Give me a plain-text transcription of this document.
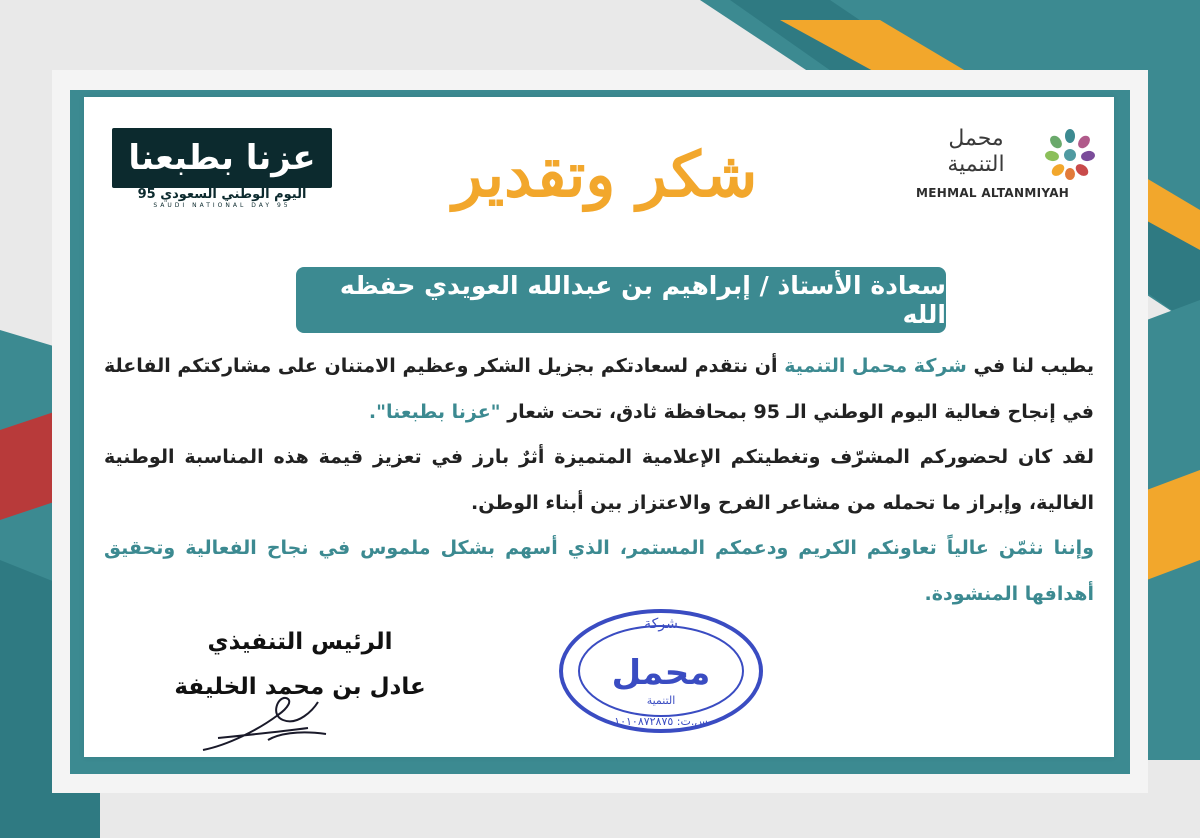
عزنا بطبعنا
اليوم الوطني السعودي 95
SAUDI NATIONAL DAY 95	شكر وتقدير	محمل
التنمية
MEHMAL ALTANMIYAH
سعادة الأستاذ / إبراهيم بن عبدالله العويدي حفظه الله

يطيب لنا في شركة محمل التنمية أن نتقدم لسعادتكم بجزيل الشكر وعظيم الامتنان على مشاركتكم الفاعلة في إنجاح فعالية اليوم الوطني الـ 95 بمحافظة ثادق، تحت شعار "عزنا بطبعنا".

لقد كان لحضوركم المشرّف وتغطيتكم الإعلامية المتميزة أثرٌ بارز في تعزيز قيمة هذه المناسبة الوطنية الغالية، وإبراز ما تحمله من مشاعر الفرح والاعتزاز بين أبناء الوطن.

وإننا نثمّن عالياً تعاونكم الكريم ودعمكم المستمر، الذي أسهم بشكل ملموس في نجاح الفعالية وتحقيق أهدافها المنشودة.

الرئيس التنفيذي
عادل بن محمد الخليفة
شركة
محمل
التنمية
س.ت: ١٠١٠٨٧٢٨٧٥
